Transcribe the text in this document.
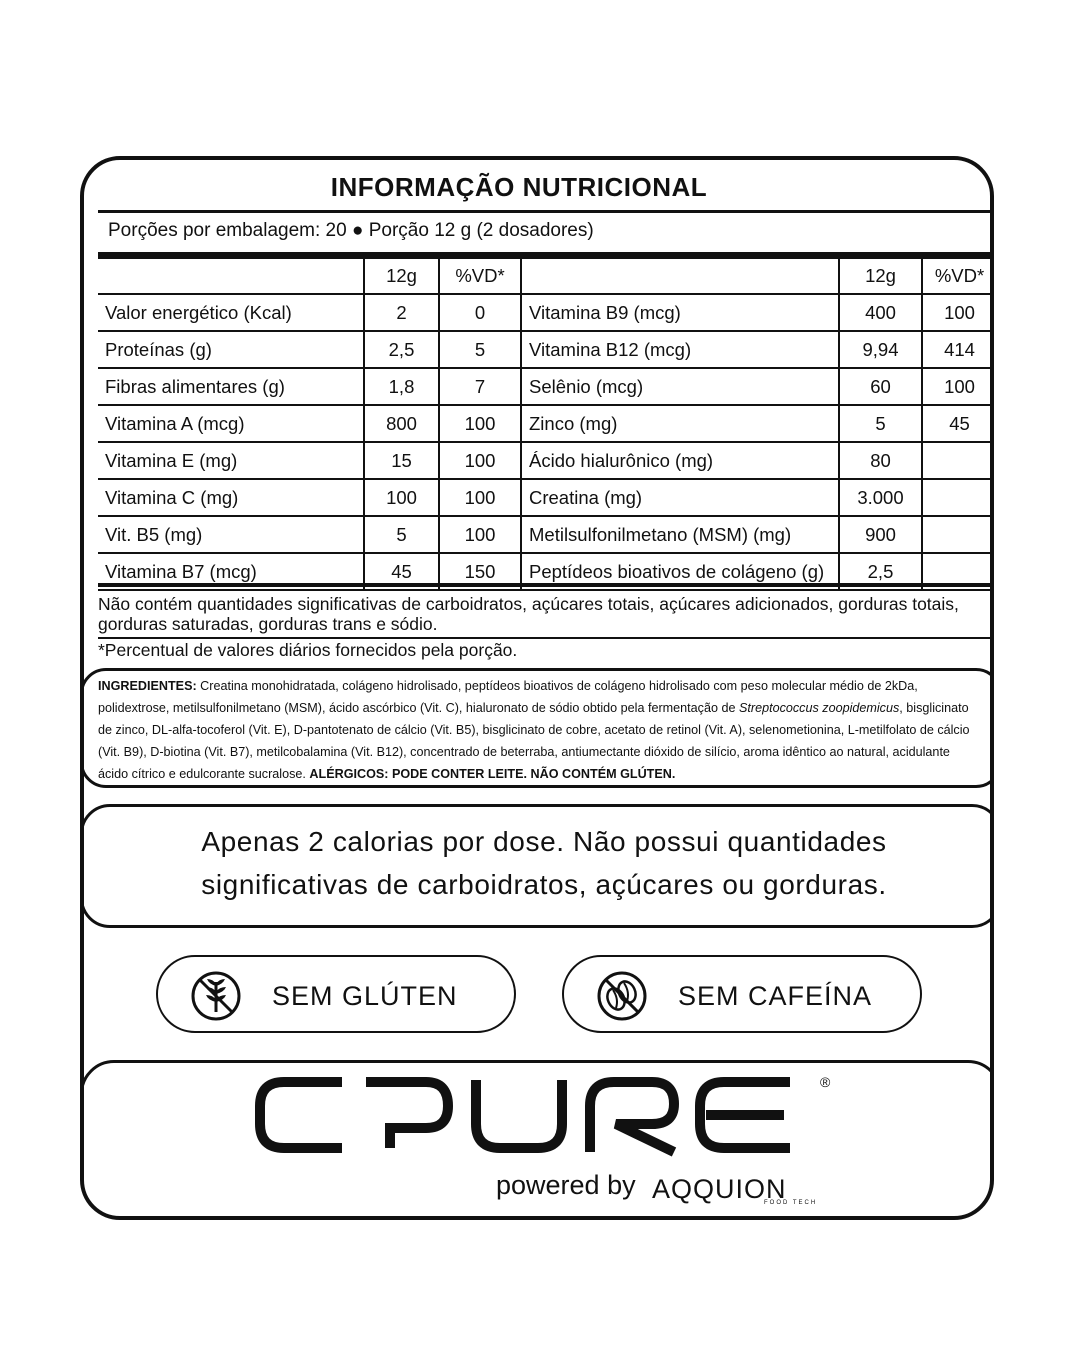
INFORMAÇÃO NUTRICIONAL
Porções por embalagem: 20 ● Porção 12 g (2 dosadores)
	12g	%VD*		12g	%VD*
Valor energético (Kcal)	2	0	Vitamina B9 (mcg)	400	100
Proteínas (g)	2,5	5	Vitamina B12 (mcg)	9,94	414
Fibras alimentares (g)	1,8	7	Selênio (mcg)	60	100
Vitamina A (mcg)	800	100	Zinco (mg)	5	45
Vitamina E (mg)	15	100	Ácido hialurônico (mg)	80	
Vitamina C (mg)	100	100	Creatina (mg)	3.000	
Vit. B5 (mg)	5	100	Metilsulfonilmetano (MSM) (mg)	900	
Vitamina B7 (mcg)	45	150	Peptídeos bioativos de colágeno (g)	2,5	
Não contém quantidades significativas de carboidratos, açúcares totais, açúcares adicionados, gorduras totais, gorduras saturadas, gorduras trans e sódio.
*Percentual de valores diários fornecidos pela porção.
INGREDIENTES: Creatina monohidratada, colágeno hidrolisado, peptídeos bioativos de colágeno hidrolisado com peso molecular médio de 2kDa, polidextrose, metilsulfonilmetano (MSM), ácido ascórbico (Vit. C), hialuronato de sódio obtido pela fermentação de Streptococcus zoopidemicus, bisglicinato de zinco, DL-alfa-tocoferol (Vit. E), D-pantotenato de cálcio (Vit. B5), bisglicinato de cobre, acetato de retinol (Vit. A), selenometionina, L-metilfolato de cálcio (Vit. B9), D-biotina (Vit. B7), metilcobalamina (Vit. B12), concentrado de beterraba, antiumectante dióxido de silício, aroma idêntico ao natural, acidulante ácido cítrico e edulcorante sucralose. ALÉRGICOS: PODE CONTER LEITE. NÃO CONTÉM GLÚTEN.
Apenas 2 calorias por dose. Não possui quantidades significativas de carboidratos, açúcares ou gorduras.
SEM GLÚTEN	SEM CAFEÍNA
®
powered by AQQUION
FOOD TECH
